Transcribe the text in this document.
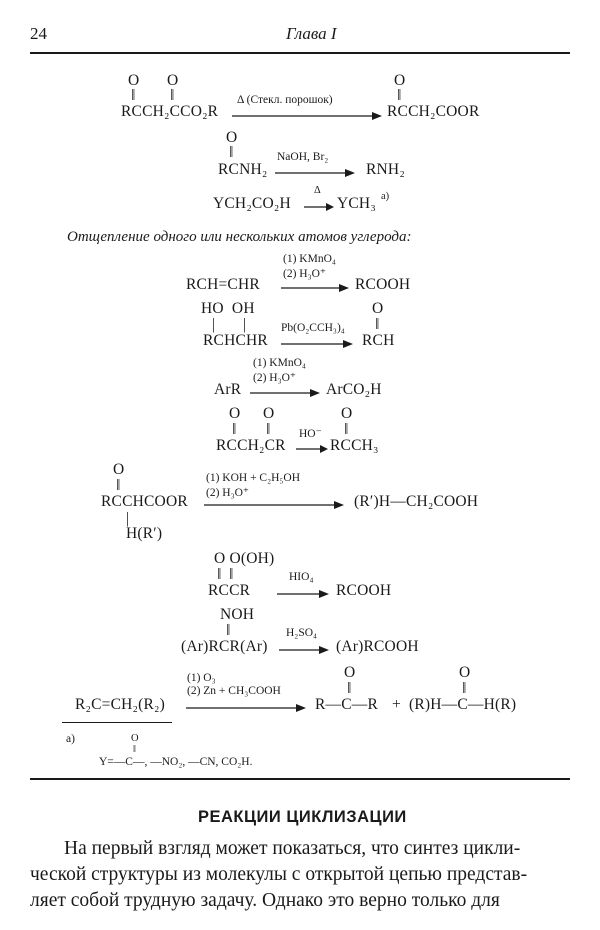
24	Глава I
O O
‖ ‖
RCCH₂CCO₂R
Δ (Стекл. порошок)
O
‖
RCCH₂COOR
O
‖
RCNH₂
NaOH, Br₂
RNH₂
YCH₂CO₂H
Δ
YCH₃ а)
Отщепление одного или нескольких атомов углерода:
(1) KMnO₄
(2) H₃O⁺
RCH=CHR	RCOOH
HO  OH
| |
RCHCHR
Pb(O₂CCH₃)₄
O
‖
RCH
(1) KMnO₄
(2) H₃O⁺
ArR	ArCO₂H
O O
‖ ‖
RCCH₂CR
HO⁻
O
‖
RCCH₃
O
‖	(1) KOH + C₂H₅OH
(2) H₃O⁺
RCCHCOOR	(R′)H—CH₂COOH
|
H(R′)
O O(OH)
‖ ‖
RCCR
HIO₄
RCOOH
NOH
‖
(Ar)RCR(Ar)
H₂SO₄
(Ar)RCOOH
(1) O₃
(2) Zn + CH₃COOH
R₂C=CH₂(R₂)
O
‖
R—C—R +
O
‖
(R)H—C—H(R)
а)	O
‖
Y=—C—, —NO₂, —CN, CO₂H.
РЕАКЦИИ ЦИКЛИЗАЦИИ
На первый взгляд может показаться, что синтез цикли-
ческой структуры из молекулы с открытой цепью представ-
ляет собой трудную задачу. Однако это верно только для
